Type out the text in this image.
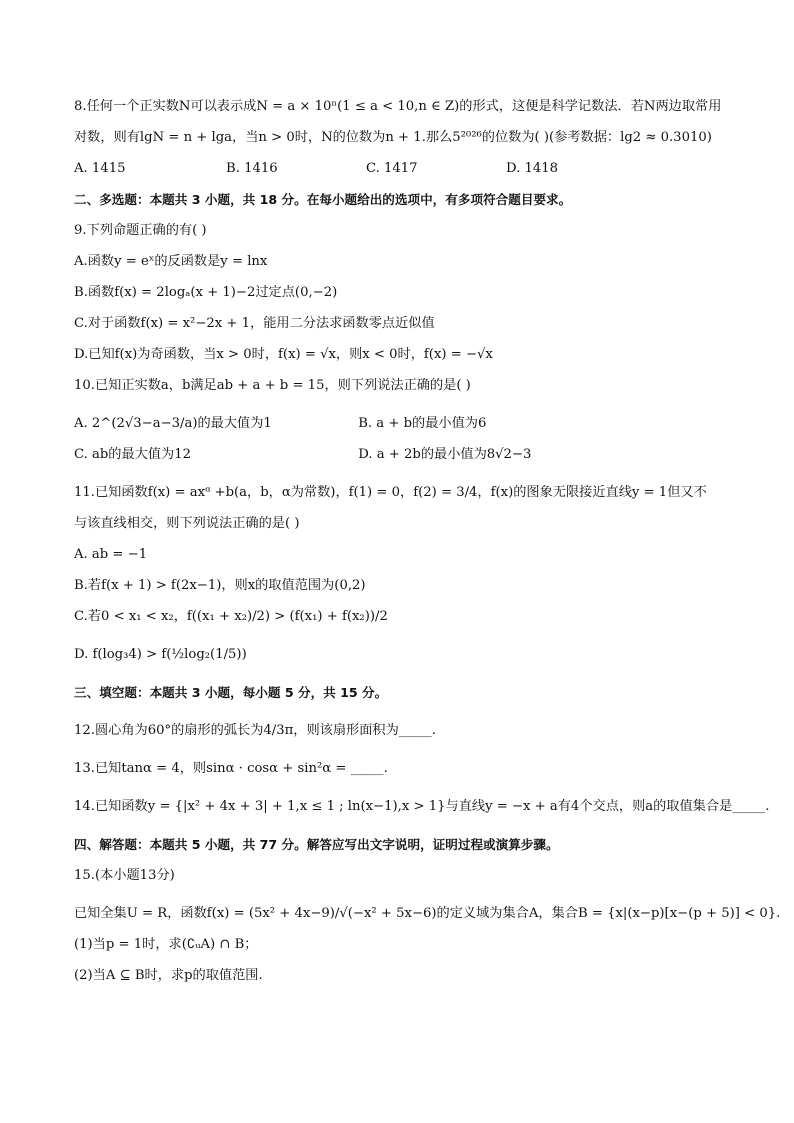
8.任何一个正实数N可以表示成N = a × 10ⁿ(1 ≤ a < 10,n ∈ Z)的形式，这便是科学记数法．若N两边取常用

对数，则有lgN = n + lga，当n > 0时，N的位数为n + 1.那么5²⁰²⁶的位数为( )(参考数据：lg2 ≈ 0.3010)

A. 1415	B. 1416	C. 1417	D. 1418

二、多选题：本题共 3 小题，共 18 分。在每小题给出的选项中，有多项符合题目要求。

9.下列命题正确的有( )

A.函数y = eˣ的反函数是y = lnx

B.函数f(x) = 2logₐ(x + 1)−2过定点(0,−2)

C.对于函数f(x) = x²−2x + 1，能用二分法求函数零点近似值

D.已知f(x)为奇函数，当x > 0时，f(x) = √x，则x < 0时，f(x) = −√x

10.已知正实数a，b满足ab + a + b = 15，则下列说法正确的是( )

A. 2^(2√3−a−3/a)的最大值为1	B. a + b的最小值为6

C. ab的最大值为12	D. a + 2b的最小值为8√2−3

11.已知函数f(x) = axᵅ +b(a，b，α为常数)，f(1) = 0，f(2) = 3/4，f(x)的图象无限接近直线y = 1但又不

与该直线相交，则下列说法正确的是( )

A. ab = −1

B.若f(x + 1) > f(2x−1)，则x的取值范围为(0,2)

C.若0 < x₁ < x₂，f((x₁ + x₂)/2) > (f(x₁) + f(x₂))/2

D. f(log₃4) > f(½log₂(1/5))

三、填空题：本题共 3 小题，每小题 5 分，共 15 分。

12.圆心角为60°的扇形的弧长为4/3π，则该扇形面积为_____.

13.已知tanα = 4，则sinα · cosα + sin²α = _____.

14.已知函数y = {|x² + 4x + 3| + 1,x ≤ 1 ; ln(x−1),x > 1}与直线y = −x + a有4个交点，则a的取值集合是_____.

四、解答题：本题共 5 小题，共 77 分。解答应写出文字说明，证明过程或演算步骤。

15.(本小题13分)

已知全集U = R，函数f(x) = (5x² + 4x−9)/√(−x² + 5x−6)的定义域为集合A，集合B = {x|(x−p)[x−(p + 5)] < 0}.

(1)当p = 1时，求(∁ᵤA) ∩ B；

(2)当A ⊆ B时，求p的取值范围.
